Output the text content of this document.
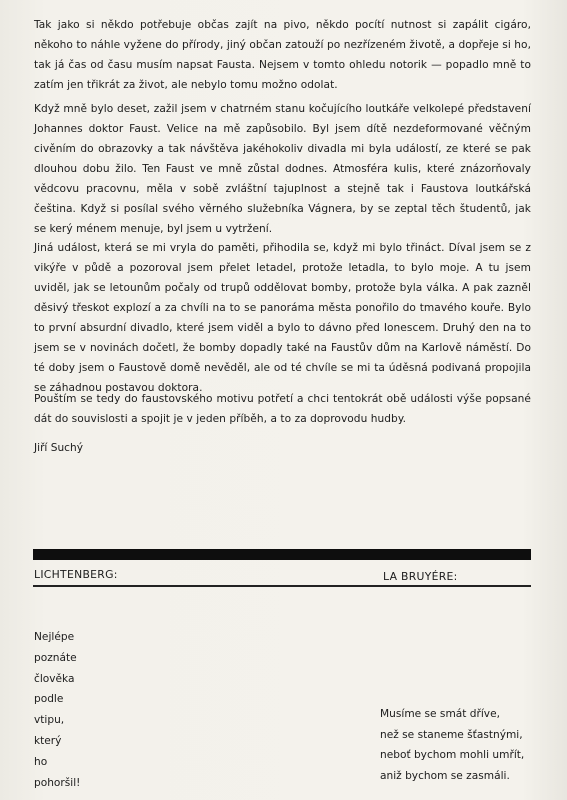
Tak jako si někdo potřebuje občas zajít na pivo, někdo pocítí nutnost si zapálit cigáro, někoho to náhle vyžene do přírody, jiný občan zatouží po nezřízeném životě, a dopřeje si ho, tak já čas od času musím napsat Fausta. Nejsem v tomto ohledu notorik — popadlo mně to zatím jen třikrát za život, ale nebylo tomu možno odolat.

Když mně bylo deset, zažil jsem v chatrném stanu kočujícího loutkáře velkolepé představení Johannes doktor Faust. Velice na mě zapůsobilo. Byl jsem dítě nezdeformované věčným civěním do obrazovky a tak návštěva jakéhokoliv divadla mi byla událostí, ze které se pak dlouhou dobu žilo. Ten Faust ve mně zůstal dodnes. Atmosféra kulis, které znázorňovaly vědcovu pracovnu, měla v sobě zvláštní tajuplnost a stejně tak i Faustova loutkářská čeština. Když si posílal svého věrného služebníka Vágnera, by se zeptal těch študentů, jak se kerý ménem menuje, byl jsem u vytržení.

Jiná událost, která se mi vryla do paměti, přihodila se, když mi bylo třináct. Díval jsem se z vikýře v půdě a pozoroval jsem přelet letadel, protože letadla, to bylo moje. A tu jsem uviděl, jak se letounům počaly od trupů oddělovat bomby, protože byla válka. A pak zazněl děsivý třeskot explozí a za chvíli na to se panoráma města ponořilo do tmavého kouře. Bylo to první absurdní divadlo, které jsem viděl a bylo to dávno před Ionescem. Druhý den na to jsem se v novinách dočetl, že bomby dopadly také na Faustův dům na Karlově náměstí. Do té doby jsem o Faustově domě nevěděl, ale od té chvíle se mi ta úděsná podivaná propojila se záhadnou postavou doktora.

Pouštím se tedy do faustovského motivu potřetí a chci tentokrát obě události výše popsané dát do souvislosti a spojit je v jeden příběh, a to za doprovodu hudby.

Jiří Suchý

LICHTENBERG:	LA BRUYÉRE:

Nejlépe
poznáte
člověka
podle
vtipu,
který
ho
pohoršil!
Musíme se smát dříve,
než se staneme šťastnými,
neboť bychom mohli umřít,
aniž bychom se zasmáli.
